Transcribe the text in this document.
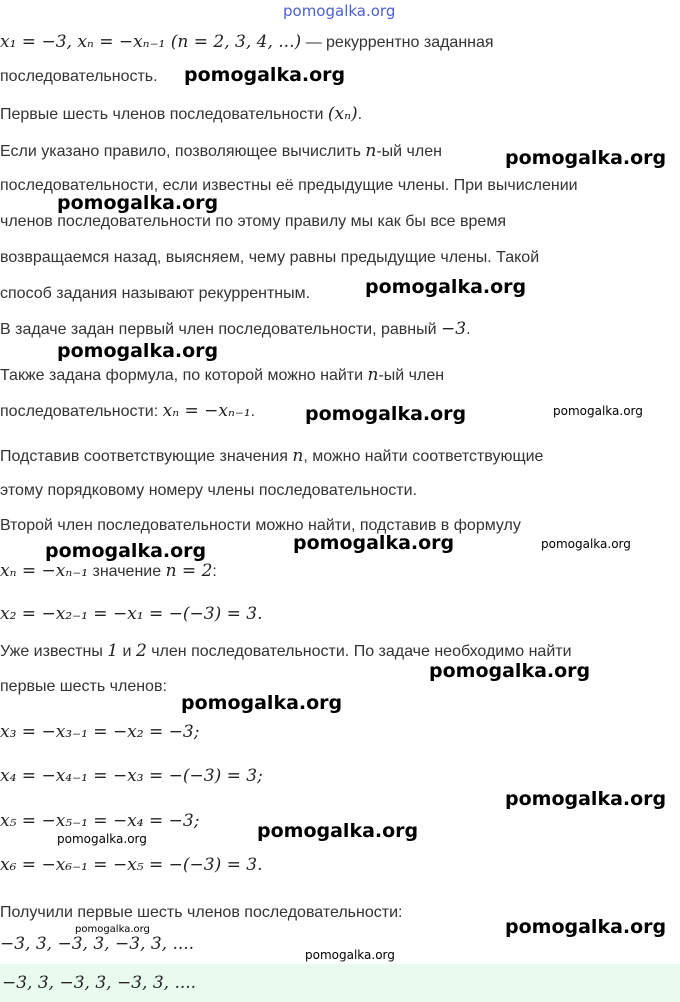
pomogalka.org
x₁ = −3, xₙ = −xₙ₋₁ (n = 2, 3, 4, ...) — рекуррентно заданная
последовательность.
Первые шесть членов последовательности (xₙ).
Если указано правило, позволяющее вычислить n-ый член
последовательности, если известны её предыдущие члены. При вычислении
членов последовательности по этому правилу мы как бы все время
возвращаемся назад, выясняем, чему равны предыдущие члены. Такой
способ задания называют рекуррентным.
В задаче задан первый член последовательности, равный −3.
Также задана формула, по которой можно найти n-ый член
последовательности: xₙ = −xₙ₋₁.
Подставив соответствующие значения n, можно найти соответствующие
этому порядковому номеру члены последовательности.
Второй член последовательности можно найти, подставив в формулу
xₙ = −xₙ₋₁ значение n = 2:
x₂ = −x₂₋₁ = −x₁ = −(−3) = 3.
Уже известны 1 и 2 член последовательности. По задаче необходимо найти
первые шесть членов:
x₃ = −x₃₋₁ = −x₂ = −3;
x₄ = −x₄₋₁ = −x₃ = −(−3) = 3;
x₅ = −x₅₋₁ = −x₄ = −3;
x₆ = −x₆₋₁ = −x₅ = −(−3) = 3.
Получили первые шесть членов последовательности:
−3, 3, −3, 3, −3, 3, ....
−3, 3, −3, 3, −3, 3, ....
pomogalka.org
pomogalka.org
pomogalka.org
pomogalka.org
pomogalka.org
pomogalka.org	pomogalka.org
pomogalka.org	pomogalka.org	pomogalka.org
pomogalka.org
pomogalka.org
pomogalka.org
pomogalka.org
pomogalka.org
pomogalka.org
pomogalka.org
pomogalka.org
